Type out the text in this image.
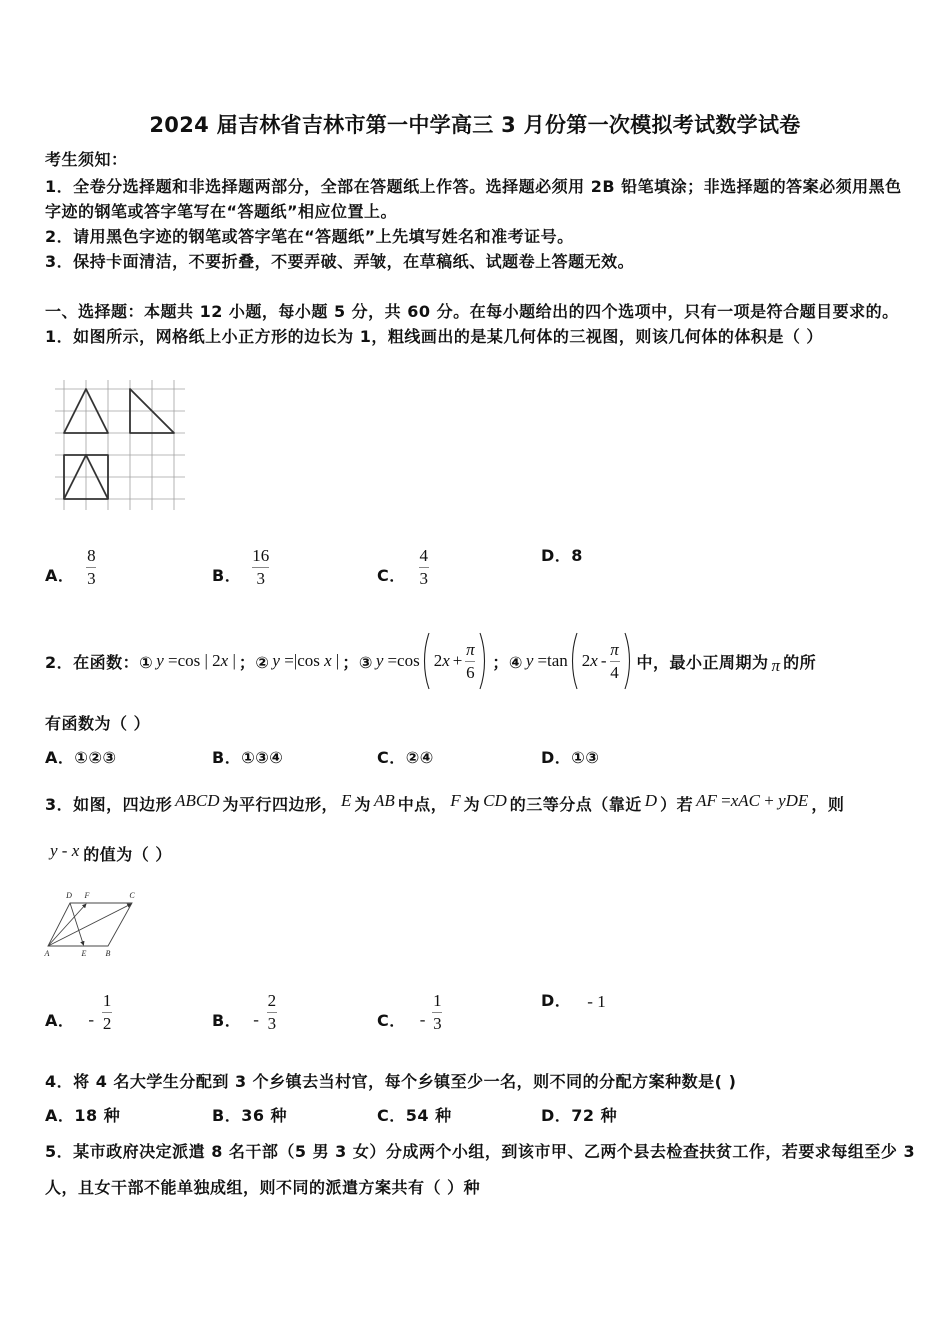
2024 届吉林省吉林市第一中学高三 3 月份第一次模拟考试数学试卷
考生须知：
1．全卷分选择题和非选择题两部分，全部在答题纸上作答。选择题必须用 2B 铅笔填涂；非选择题的答案必须用黑色
字迹的钢笔或答字笔写在“答题纸”相应位置上。
2．请用黑色字迹的钢笔或答字笔在“答题纸”上先填写姓名和准考证号。
3．保持卡面清洁，不要折叠，不要弄破、弄皱，在草稿纸、试题卷上答题无效。
一、选择题：本题共 12 小题，每小题 5 分，共 60 分。在每小题给出的四个选项中，只有一项是符合题目要求的。
1．如图所示，网格纸上小正方形的边长为 1，粗线画出的是某几何体的三视图，则该几何体的体积是（ ）
A． $\frac{8}{3}$	B． $\frac{16}{3}$	C． $\frac{4}{3}$	D． 8
2．在函数：① y =cos | 2x | ；② y =|cos x | ；③ y =cos 2 $x + \frac{\pi}{6}$ ；④ y =tan 2 x - $\frac{\pi}{4}$ 中，最小正周期为 π 的所
有函数为（ ）
A． ①②③	B． ①③④	C． ②④	D． ①③
3．如图，四边形 ABCD 为平行四边形， E 为 AB 中点， F 为 CD 的三等分点（靠近 D ）若 AF =xAC + yDE ，则
y - x 的值为（ ）
D F	C
A	E B
A． - $\frac{1}{2}$	B． - $\frac{2}{3}$	C． - $\frac{1}{3}$	D． - 1
4．将 4 名大学生分配到 3 个乡镇去当村官，每个乡镇至少一名，则不同的分配方案种数是( )
A． 18 种	B． 36 种	C． 54 种	D． 72 种
5．某市政府决定派遣 8 名干部（5 男 3 女）分成两个小组，到该市甲、乙两个县去检查扶贫工作，若要求每组至少 3
人，且女干部不能单独成组，则不同的派遣方案共有（ ）种
